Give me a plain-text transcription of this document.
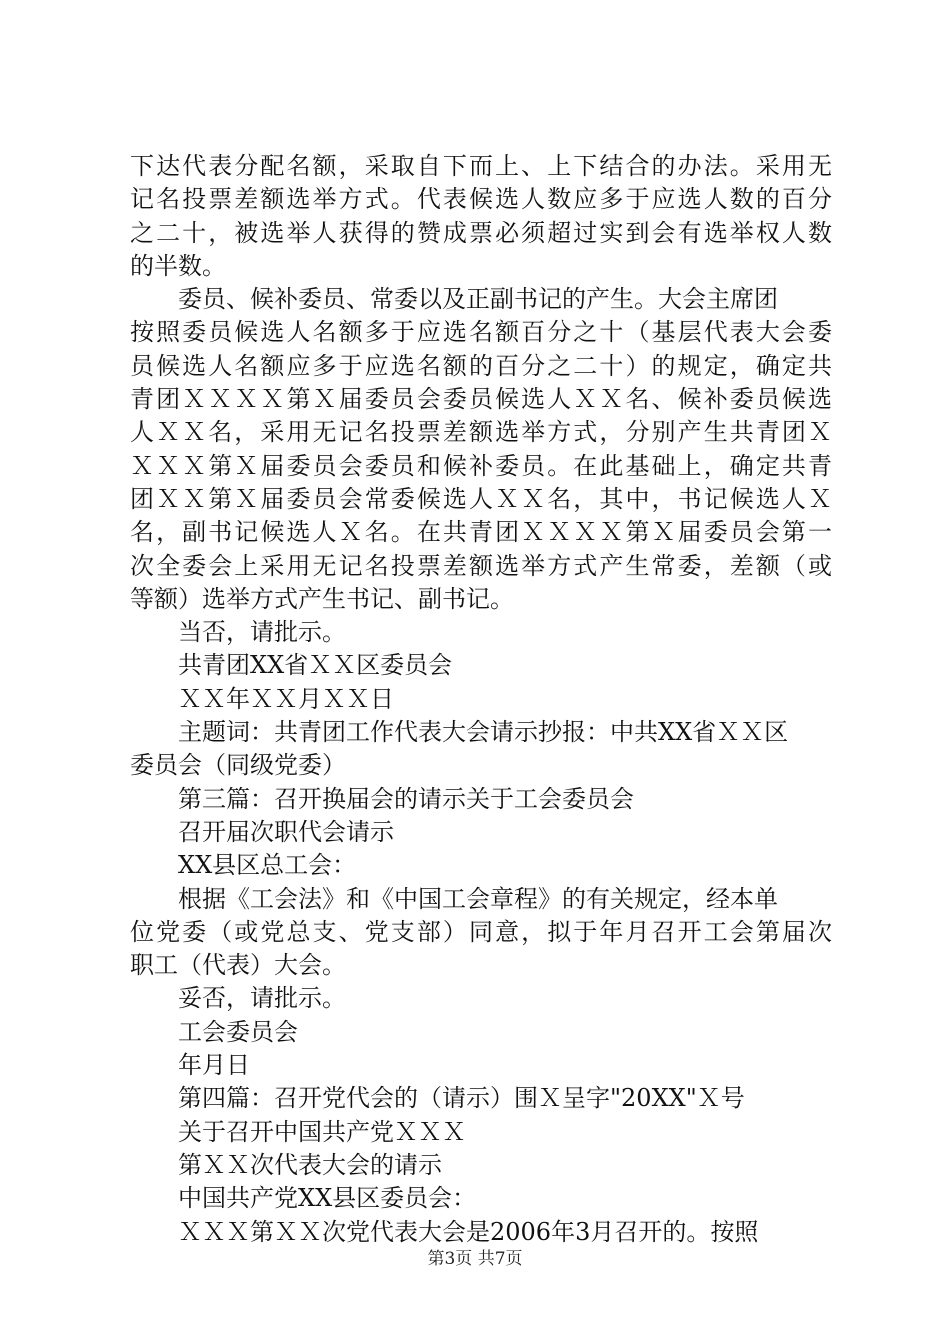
下达代表分配名额，采取自下而上、上下结合的办法。采用无
记名投票差额选举方式。代表候选人数应多于应选人数的百分
之二十，被选举人获得的赞成票必须超过实到会有选举权人数
的半数。
委员、候补委员、常委以及正副书记的产生。大会主席团
按照委员候选人名额多于应选名额百分之十（基层代表大会委
员候选人名额应多于应选名额的百分之二十）的规定，确定共
青团ＸＸＸＸ第Ｘ届委员会委员候选人ＸＸ名、候补委员候选
人ＸＸ名，采用无记名投票差额选举方式，分别产生共青团Ｘ
ＸＸＸ第Ｘ届委员会委员和候补委员。在此基础上，确定共青
团ＸＸ第Ｘ届委员会常委候选人ＸＸ名，其中，书记候选人Ｘ
名，副书记候选人Ｘ名。在共青团ＸＸＸＸ第Ｘ届委员会第一
次全委会上采用无记名投票差额选举方式产生常委，差额（或
等额）选举方式产生书记、副书记。
当否，请批示。
共青团XX省ＸＸ区委员会
ＸＸ年ＸＸ月ＸＸ日
主题词：共青团工作代表大会请示抄报：中共XX省ＸＸ区
委员会（同级党委）
第三篇：召开换届会的请示关于工会委员会
召开届次职代会请示
XX县区总工会：
根据《工会法》和《中国工会章程》的有关规定，经本单
位党委（或党总支、党支部）同意，拟于年月召开工会第届次
职工（代表）大会。
妥否，请批示。
工会委员会
年月日
第四篇：召开党代会的（请示）围Ｘ呈字"20XX"Ｘ号
关于召开中国共产党ＸＸＸ
第ＸＸ次代表大会的请示
中国共产党XX县区委员会：
ＸＸＸ第ＸＸ次党代表大会是2006年3月召开的。按照
第3页 共7页
